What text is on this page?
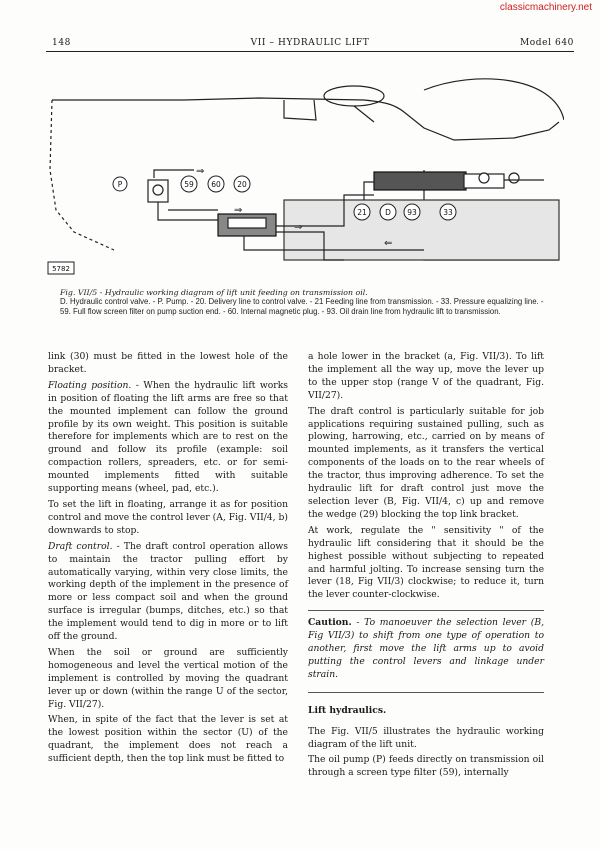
classicmachinery.net
148	VII – HYDRAULIC LIFT	Model 640
⇒
⇒
⇒
⇐
P	59 60 20
21 D 93	33
5782
Fig. VII/5 - Hydraulic working diagram of lift unit feeding on transmission oil.
D. Hydraulic control valve. - P. Pump. - 20. Delivery line to control valve. - 21 Feeding line from transmission. - 33. Pressure equalizing line. - 59. Full flow screen filter on pump suction end. - 60. Internal magnetic plug. - 93. Oil drain line from hydraulic lift to transmission.

link (30) must be fitted in the lowest hole of the bracket.

Floating position. - When the hydraulic lift works in position of floating the lift arms are free so that the mounted implement can follow the ground profile by its own weight. This position is suitable therefore for implements which are to rest on the ground and follow its profile (example: soil compaction rollers, spreaders, etc. or for semi-mounted implements fitted with suitable supporting means (wheel, pad, etc.).

To set the lift in floating, arrange it as for position control and move the control lever (A, Fig. VII/4, b) downwards to stop.

Draft control. - The draft control operation allows to maintain the tractor pulling effort by automatically varying, within very close limits, the working depth of the implement in the presence of more or less compact soil and when the ground surface is irregular (bumps, ditches, etc.) so that the implement would tend to dig in more or to lift off the ground.

When the soil or ground are sufficiently homogeneous and level the vertical motion of the implement is controlled by moving the quadrant lever up or down (within the range U of the sector, Fig. VII/27).

When, in spite of the fact that the lever is set at the lowest position within the sector (U) of the quadrant, the implement does not reach a sufficient depth, then the top link must be fitted to

a hole lower in the bracket (a, Fig. VII/3). To lift the implement all the way up, move the lever up to the upper stop (range V of the quadrant, Fig. VII/27).

The draft control is particularly suitable for job applications requiring sustained pulling, such as plowing, harrowing, etc., carried on by means of mounted implements, as it transfers the vertical components of the loads on to the rear wheels of the tractor, thus improving adherence. To set the hydraulic lift for draft control just move the selection lever (B, Fig. VII/4, c) up and remove the wedge (29) blocking the top link bracket.

At work, regulate the " sensitivity " of the hydraulic lift considering that it should be the highest possible without subjecting to repeated and harmful jolting. To increase sensing turn the lever (18, Fig VII/3) clockwise; to reduce it, turn the lever counter-clockwise.

Caution. - To manoeuver the selection lever (B, Fig VII/3) to shift from one type of operation to another, first move the lift arms up to avoid putting the control levers and linkage under strain.
Lift hydraulics.

The Fig. VII/5 illustrates the hydraulic working diagram of the lift unit.

The oil pump (P) feeds directly on transmission oil through a screen type filter (59), internally
